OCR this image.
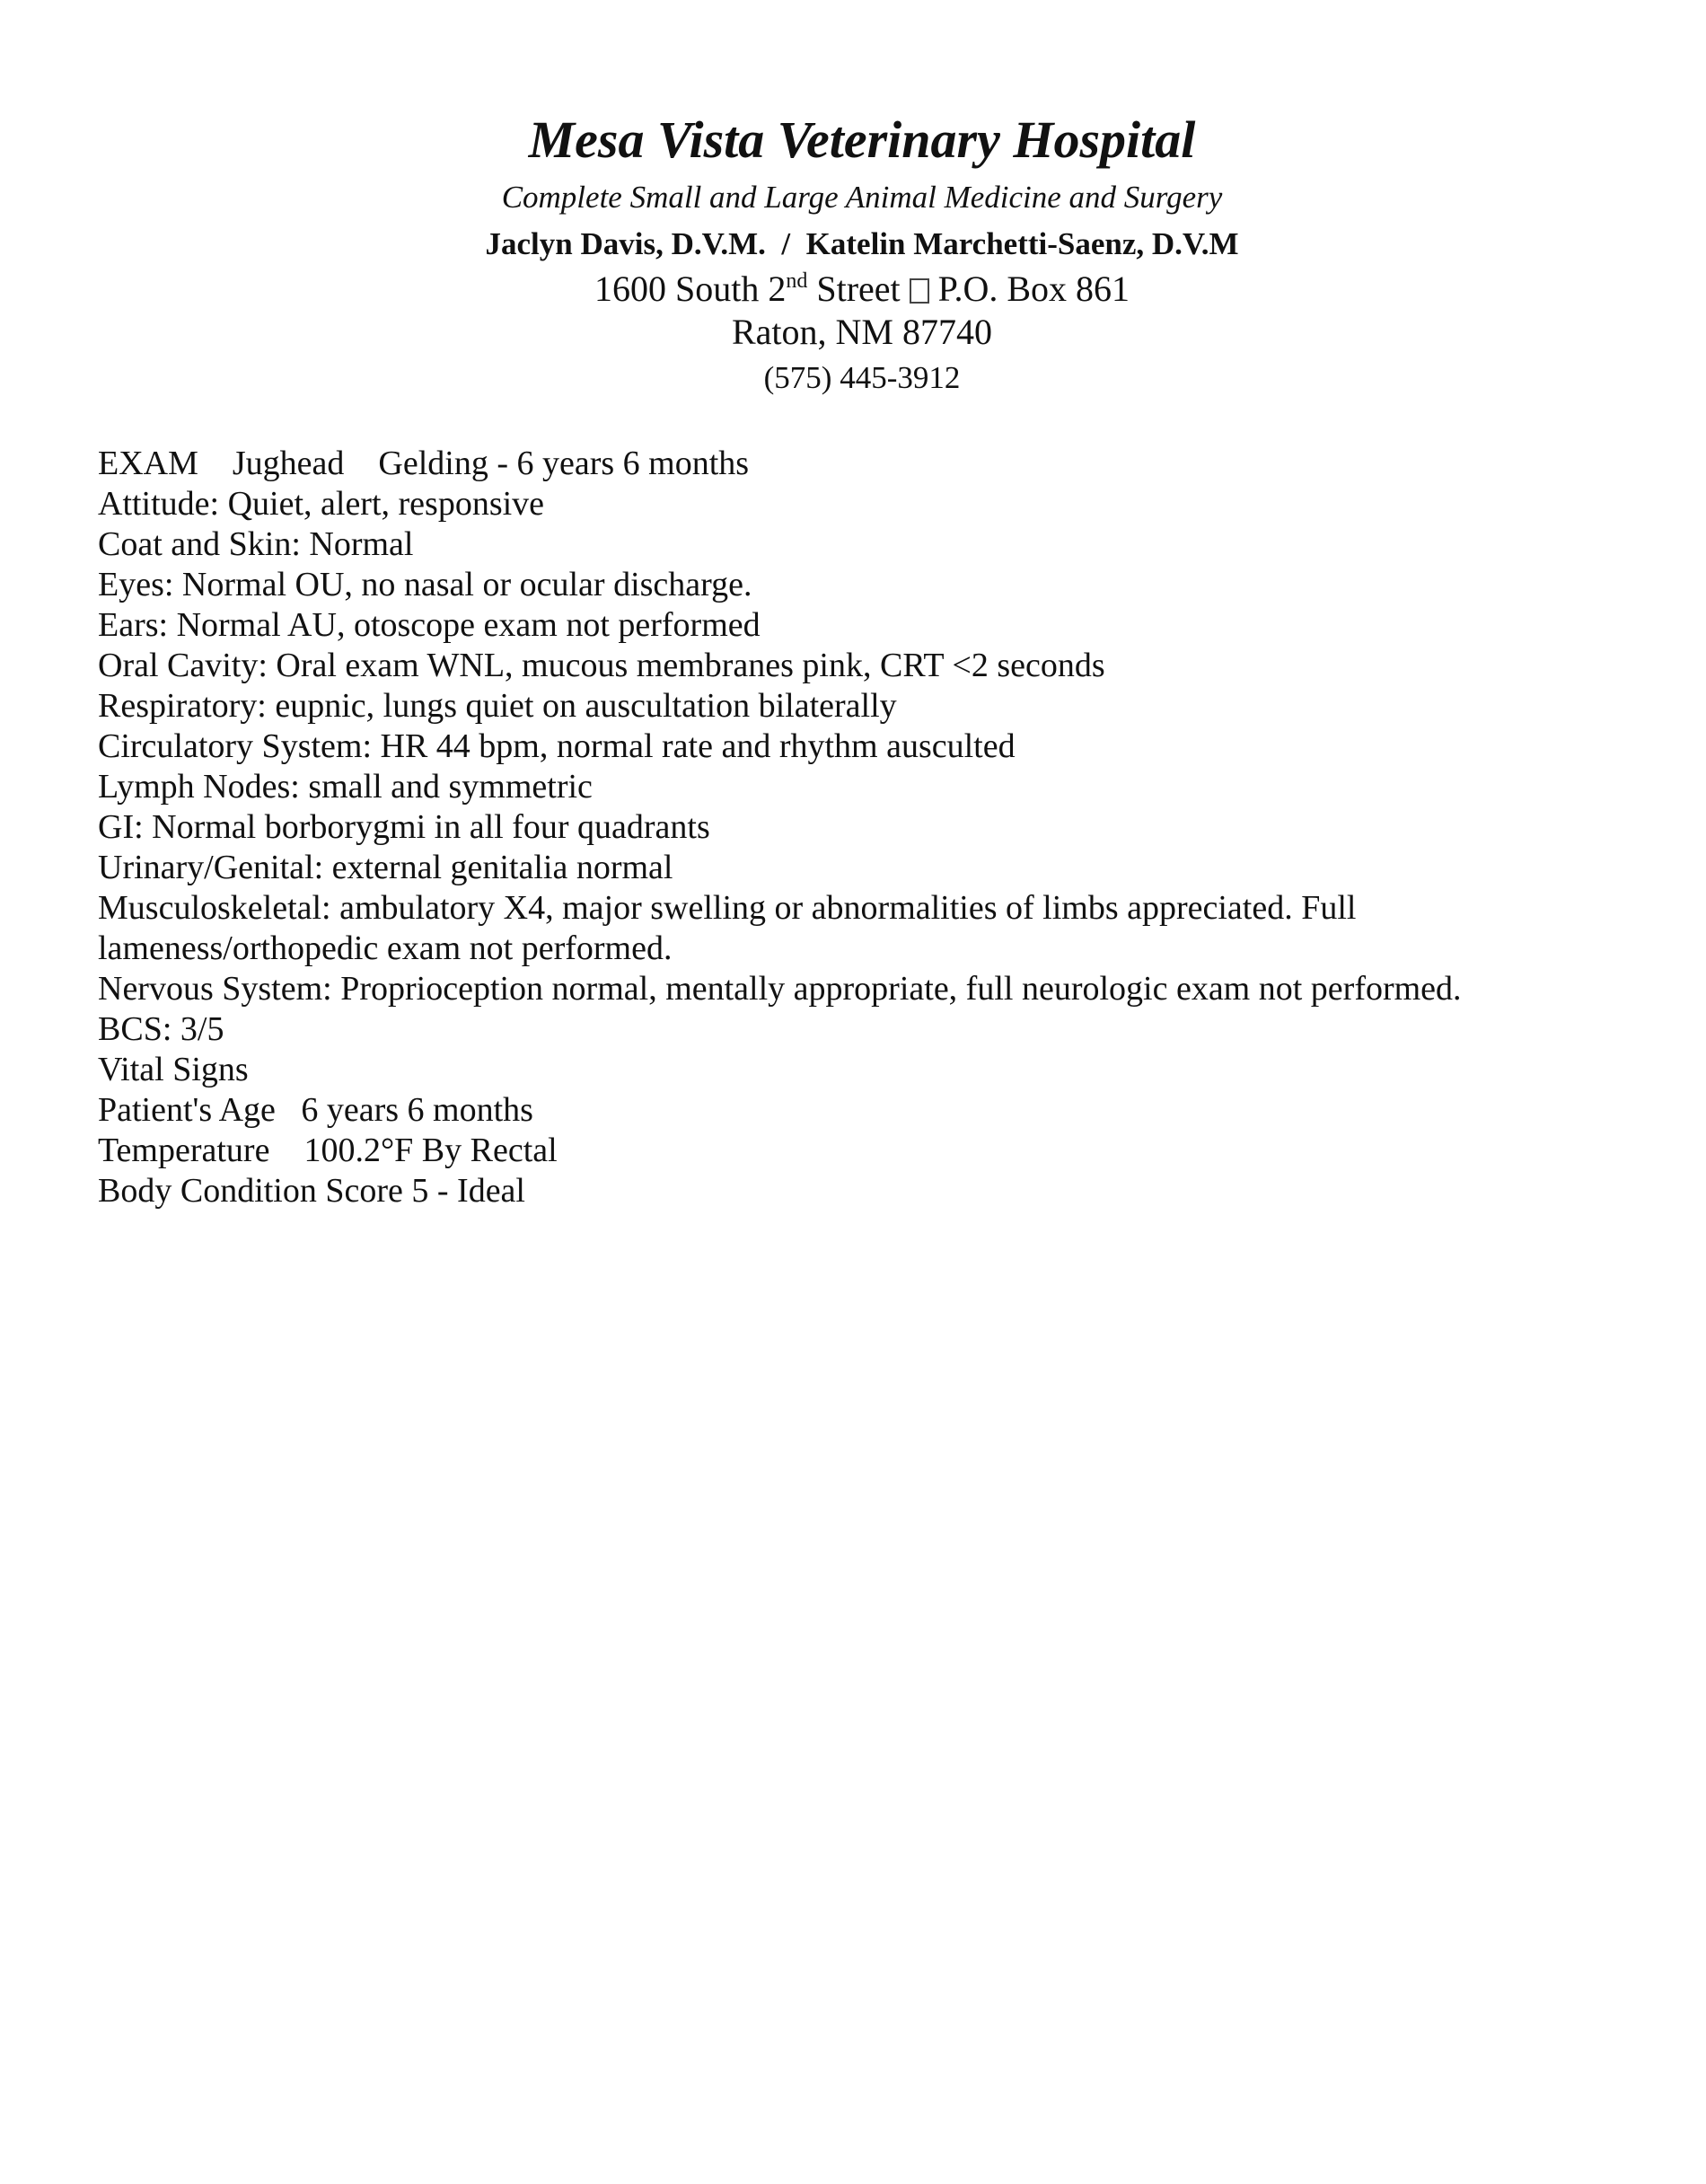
Mesa Vista Veterinary Hospital

Complete Small and Large Animal Medicine and Surgery

Jaclyn Davis, D.V.M.  /  Katelin Marchetti-Saenz, D.V.M

1600 South 2nd Street P.O. Box 861

Raton, NM 87740

(575) 445-3912

EXAM    Jughead    Gelding - 6 years 6 months

Attitude: Quiet, alert, responsive

Coat and Skin: Normal

Eyes: Normal OU, no nasal or ocular discharge.

Ears: Normal AU, otoscope exam not performed

Oral Cavity: Oral exam WNL, mucous membranes pink, CRT <2 seconds

Respiratory: eupnic, lungs quiet on auscultation bilaterally

Circulatory System: HR 44 bpm, normal rate and rhythm ausculted

Lymph Nodes: small and symmetric

GI: Normal borborygmi in all four quadrants

Urinary/Genital: external genitalia normal

Musculoskeletal: ambulatory X4, major swelling or abnormalities of limbs appreciated. Full lameness/orthopedic exam not performed.

Nervous System: Proprioception normal, mentally appropriate, full neurologic exam not performed.

BCS: 3/5

Vital Signs

Patient's Age   6 years 6 months

Temperature    100.2°F By Rectal

Body Condition Score 5 - Ideal
